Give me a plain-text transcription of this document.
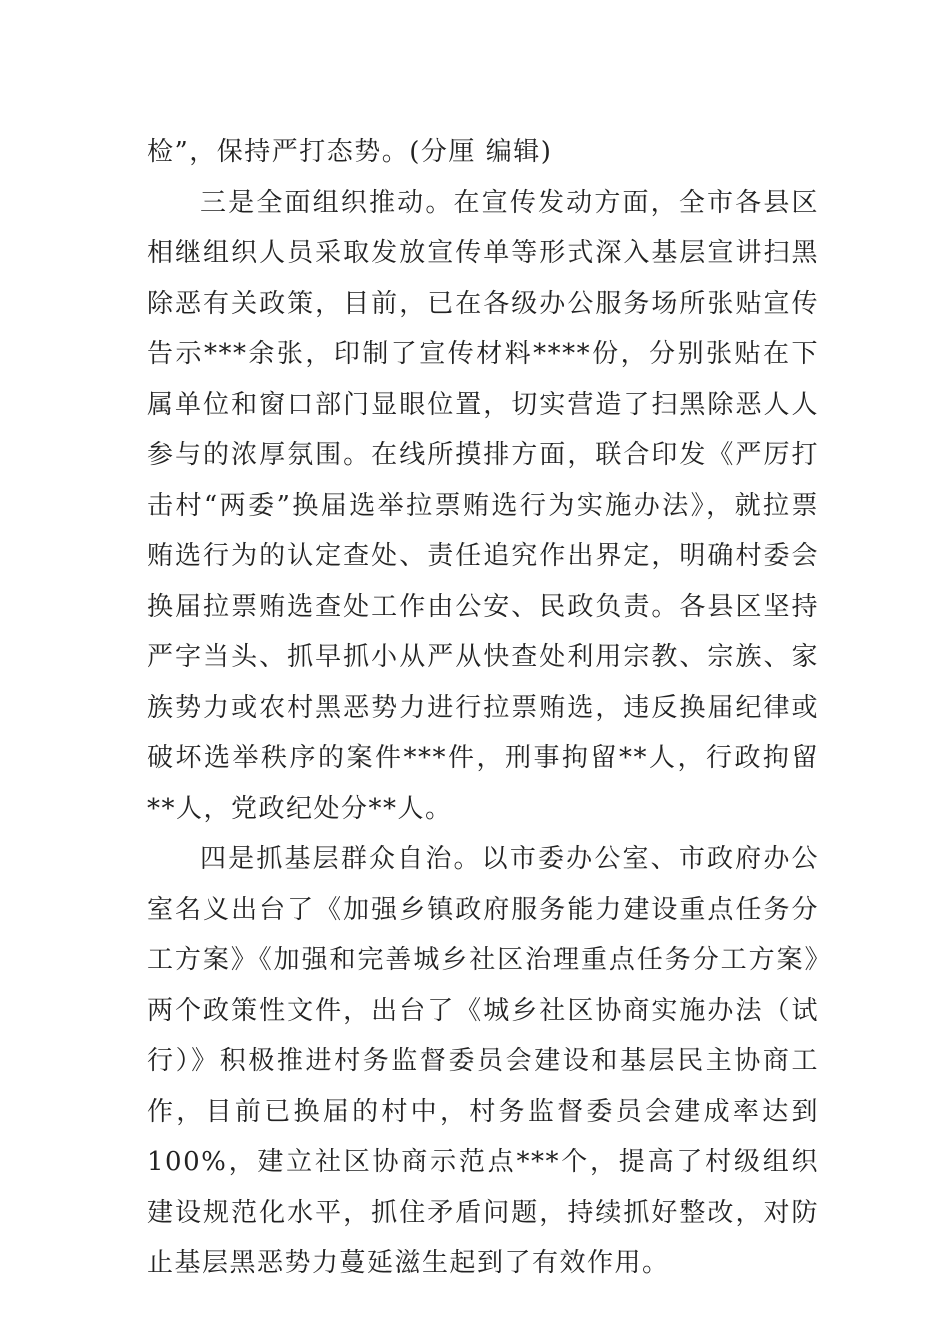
检”，保持严打态势。(分厘 编辑)

三是全面组织推动。在宣传发动方面，全市各县区相继组织人员采取发放宣传单等形式深入基层宣讲扫黑除恶有关政策，目前，已在各级办公服务场所张贴宣传告示***余张，印制了宣传材料****份，分别张贴在下属单位和窗口部门显眼位置，切实营造了扫黑除恶人人参与的浓厚氛围。在线所摸排方面，联合印发《严厉打击村“两委”换届选举拉票贿选行为实施办法》，就拉票贿选行为的认定查处、责任追究作出界定，明确村委会换届拉票贿选查处工作由公安、民政负责。各县区坚持严字当头、抓早抓小从严从快查处利用宗教、宗族、家族势力或农村黑恶势力进行拉票贿选，违反换届纪律或破坏选举秩序的案件***件，刑事拘留**人，行政拘留**人，党政纪处分**人。

四是抓基层群众自治。以市委办公室、市政府办公室名义出台了《加强乡镇政府服务能力建设重点任务分工方案》《加强和完善城乡社区治理重点任务分工方案》两个政策性文件，出台了《城乡社区协商实施办法（试行）》积极推进村务监督委员会建设和基层民主协商工作，目前已换届的村中，村务监督委员会建成率达到100%，建立社区协商示范点***个，提高了村级组织建设规范化水平，抓住矛盾问题，持续抓好整改，对防止基层黑恶势力蔓延滋生起到了有效作用。
